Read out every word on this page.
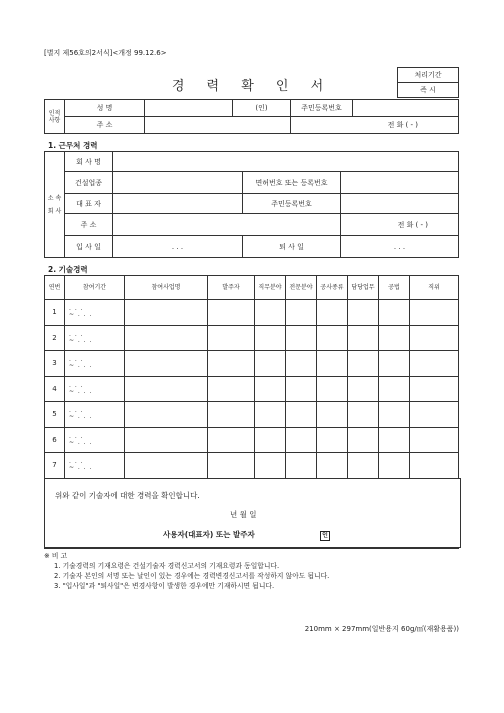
[별지 제56호의2서식]<개정 99.12.6>
경 력 확 인 서
처리기간
즉 시
인적 사항	성 명		(인)	주민등록번호	
	주 소			전 화 ( - )	
1. 근무처 경력
소 속 회 사	회 사 명			
	건설업종		면허번호 또는 등록번호	
	대 표 자		주민등록번호	
	주 소			전 화 ( - )
	입 사 일	. . .	퇴 사 일	. . .
2. 기술경력
연번	참여기간	참여사업명	발주자	직무분야	전문분야	공사종류	담당업무	공법	직위
1	. . .
~ . . .								
2	. . .
~ . . .								
3	. . .
~ . . .								
4	. . .
~ . . .								
5	. . .
~ . . .								
6	. . .
~ . . .								
7	. . .
~ . . .								
위와 같이 기술자에 대한 경력을 확인합니다.
년 월 일
사용자(대표자) 또는 발주자	인

※ 비 고

1. 기술경력의 기재요령은 건설기술자 경력신고서의 기재요령과 동일합니다.

2. 기술자 본인의 서명 또는 날인이 있는 경우에는 경력변경신고서를 작성하지 않아도 됩니다.

3. "입사일"과 "퇴사일"은 변경사항이 발생한 경우에만 기재하시면 됩니다.

210mm × 297mm(일반용지 60g/㎡(재활용품))
